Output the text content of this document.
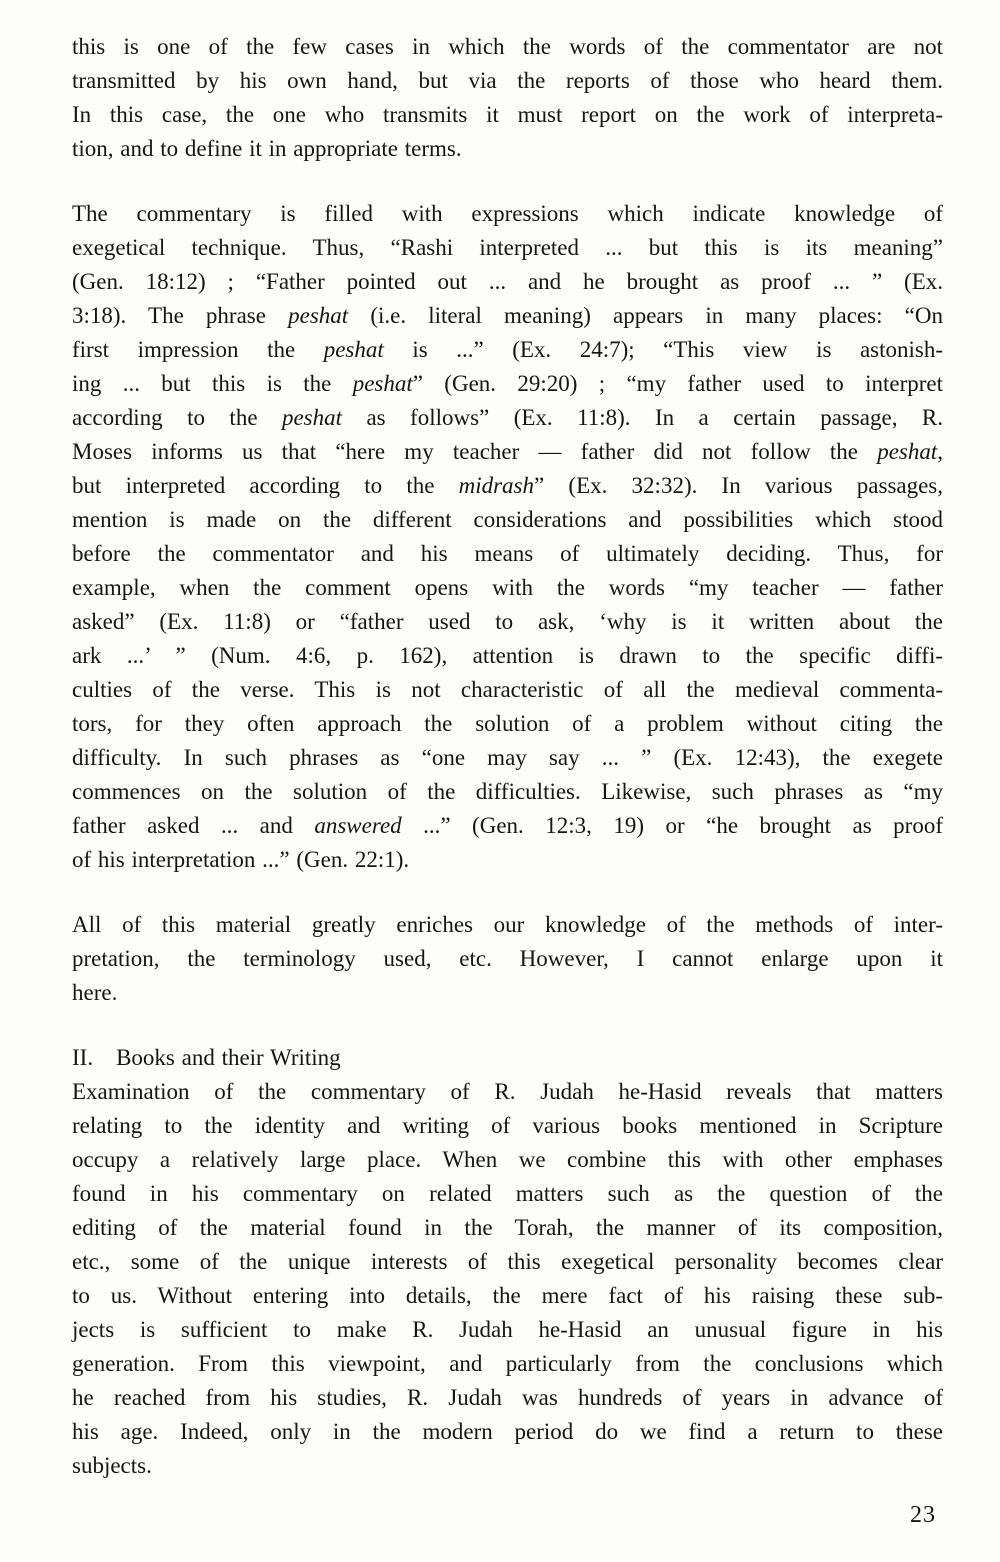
this is one of the few cases in which the words of the commentator are not
transmitted by his own hand, but via the reports of those who heard them.
In this case, the one who transmits it must report on the work of interpreta-
tion, and to define it in appropriate terms.

The commentary is filled with expressions which indicate knowledge of
exegetical technique. Thus, “Rashi interpreted ... but this is its meaning”
(Gen. 18:12) ; “Father pointed out ... and he brought as proof ... ” (Ex.
3:18). The phrase peshat (i.e. literal meaning) appears in many places: “On
first impression the peshat is ...” (Ex. 24:7); “This view is astonish-
ing ... but this is the peshat” (Gen. 29:20) ; “my father used to interpret
according to the peshat as follows” (Ex. 11:8). In a certain passage, R.
Moses informs us that “here my teacher — father did not follow the peshat,
but interpreted according to the midrash” (Ex. 32:32). In various passages,
mention is made on the different considerations and possibilities which stood
before the commentator and his means of ultimately deciding. Thus, for
example, when the comment opens with the words “my teacher — father
asked” (Ex. 11:8) or “father used to ask, ‘why is it written about the
ark ...’ ” (Num. 4:6, p. 162), attention is drawn to the specific diffi-
culties of the verse. This is not characteristic of all the medieval commenta-
tors, for they often approach the solution of a problem without citing the
difficulty. In such phrases as “one may say ... ” (Ex. 12:43), the exegete
commences on the solution of the difficulties. Likewise, such phrases as “my
father asked ... and answered ...” (Gen. 12:3, 19) or “he brought as proof
of his interpretation ...” (Gen. 22:1).

All of this material greatly enriches our knowledge of the methods of inter-
pretation, the terminology used, etc. However, I cannot enlarge upon it
here.

II. Books and their Writing

Examination of the commentary of R. Judah he-Hasid reveals that matters
relating to the identity and writing of various books mentioned in Scripture
occupy a relatively large place. When we combine this with other emphases
found in his commentary on related matters such as the question of the
editing of the material found in the Torah, the manner of its composition,
etc., some of the unique interests of this exegetical personality becomes clear
to us. Without entering into details, the mere fact of his raising these sub-
jects is sufficient to make R. Judah he-Hasid an unusual figure in his
generation. From this viewpoint, and particularly from the conclusions which
he reached from his studies, R. Judah was hundreds of years in advance of
his age. Indeed, only in the modern period do we find a return to these
subjects.

23
